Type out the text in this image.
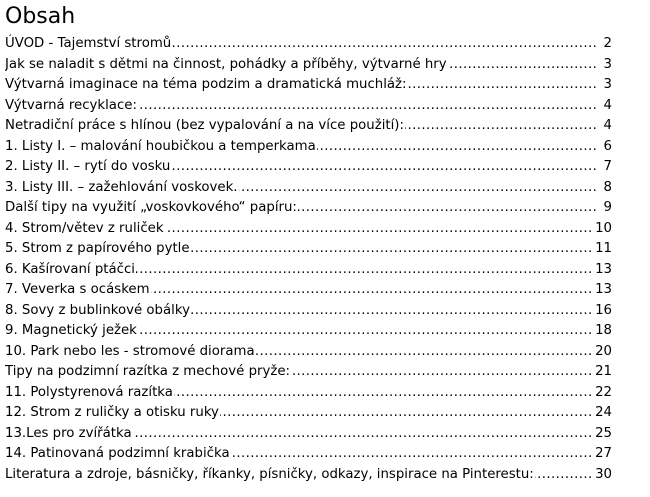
Obsah
..... ÚVOD - Tajemství stromů	2
..... Jak se naladit s dětmi na činnost, pohádky a příběhy, výtvarné hry	3
..... Výtvarná imaginace na téma podzim a dramatická muchláž:	3
..... Výtvarná recyklace:	4
..... Netradiční práce s hlínou (bez vypalování a na více použití):	4
..... 1. Listy I. – malování houbičkou a temperkama	6
..... 2. Listy II. – rytí do vosku	7
..... 3. Listy III. – zažehlování voskovek.	8
..... Další tipy na využití „voskovkového“ papíru:	9
..... 4. Strom/větev z ruliček	10
..... 5. Strom z papírového pytle	11
..... 6. Kašírovaní ptáčci	13
..... 7. Veverka s ocáskem	13
..... 8. Sovy z bublinkové obálky	16
..... 9. Magnetický ježek	18
..... 10. Park nebo les - stromové diorama	20
..... Tipy na podzimní razítka z mechové pryže:	21
..... 11. Polystyrenová razítka	22
..... 12. Strom z ruličky a otisku ruky	24
..... 13.Les pro zvířátka	25
..... 14. Patinovaná podzimní krabička	27
..... Literatura a zdroje, básničky, říkanky, písničky, odkazy, inspirace na Pinterestu:	30
